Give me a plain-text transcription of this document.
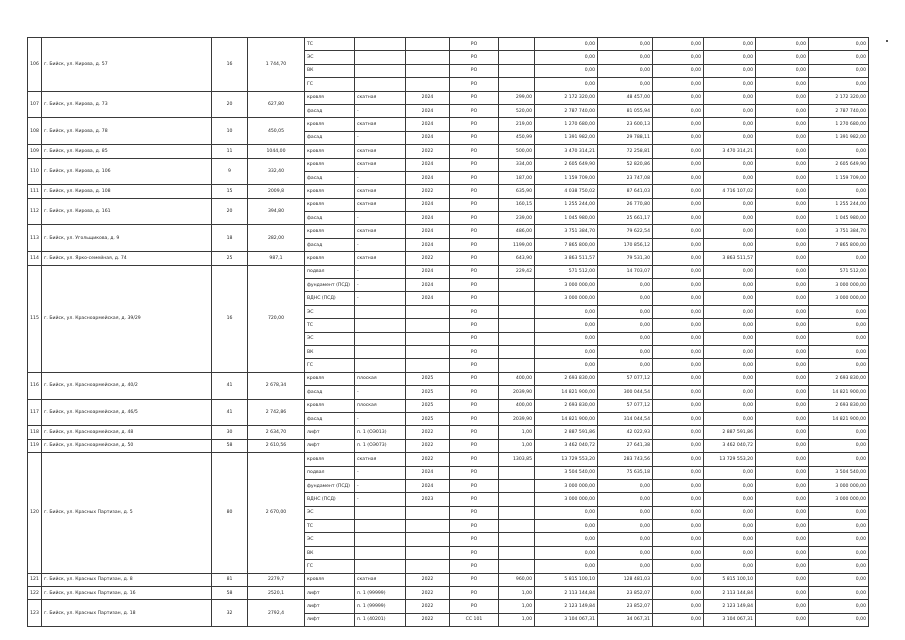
106	г. Бийск, ул. Кирова, д. 57	16	1 744,70	ТС			РО		0,00	0,00	0,00	0,00	0,00	0,00
				ЭС			РО		0,00	0,00	0,00	0,00	0,00	0,00
				ВК			РО		0,00	0,00	0,00	0,00	0,00	0,00
				ГС			РО		0,00	0,00	0,00	0,00	0,00	0,00
107	г. Бийск, ул. Кирова, д. 73	20	627,80	кровля	скатная	2024	РО	299,00	2 172 320,00	48 457,00	0,00	0,00	0,00	2 172 320,00
				фасад	-	2024	РО	520,00	2 787 740,00	81 055,94	0,00	0,00	0,00	2 787 740,00
108	г. Бийск, ул. Кирова, д. 78	10	450,05	кровля	скатная	2024	РО	219,00	1 270 680,00	23 600,13	0,00	0,00	0,00	1 270 680,00
				фасад	-	2024	РО	450,99	1 391 982,00	29 788,11	0,00	0,00	0,00	1 391 982,00
109	г. Бийск, ул. Кирова, д. 85	11	1044,00	кровля	скатная	2022	РО	500,00	3 470 314,21	72 258,81	0,00	3 470 314,21	0,00	0,00
110	г. Бийск, ул. Кирова, д. 106	9	332,40	кровля	скатная	2024	РО	334,00	2 605 649,90	52 820,86	0,00	0,00	0,00	2 605 649,90
				фасад	-	2024	РО	187,00	1 159 709,00	23 747,08	0,00	0,00	0,00	1 159 709,00
111	г. Бийск, ул. Кирова, д. 108	15	2009,8	кровля	скатная	2022	РО	635,90	4 038 750,02	87 641,03	0,00	4 716 107,02	0,00	0,00
112	г. Бийск, ул. Кирова, д. 161	20	394,80	кровля	скатная	2024	РО	160,15	1 255 244,00	26 770,80	0,00	0,00	0,00	1 255 244,00
				фасад	-	2024	РО	239,00	1 045 980,00	25 661,17	0,00	0,00	0,00	1 045 980,00
113	г. Бийск, ул. Угольщикова, д. 9	18	282,00	кровля	скатная	2024	РО	486,00	3 751 384,70	79 622,54	0,00	0,00	0,00	3 751 384,70
				фасад	-	2024	РО	1199,00	7 865 800,00	170 856,12	0,00	0,00	0,00	7 865 800,00
114	г. Бийск, ул. Ярко-семейная, д. 74	25	987,1	кровля	скатная	2022	РО	643,90	3 863 511,57	79 531,30	0,00	3 863 511,57	0,00	0,00
115	г. Бийск, ул. Красноармейская, д. 39/29	16	720,00	подвал	-	2024	РО	229,42	571 512,00	14 703,07	0,00	0,00	0,00	571 512,00
				фундамент (ПСД)	-	2024	РО		3 000 000,00	0,00	0,00	0,00	0,00	3 000 000,00
				ВДНС (ПСД)	-	2024	РО		3 000 000,00	0,00	0,00	0,00	0,00	3 000 000,00
				ЭС			РО		0,00	0,00	0,00	0,00	0,00	0,00
				ТС			РО		0,00	0,00	0,00	0,00	0,00	0,00
				ЭС			РО		0,00	0,00	0,00	0,00	0,00	0,00
				ВК			РО		0,00	0,00	0,00	0,00	0,00	0,00
				ГС			РО		0,00	0,00	0,00	0,00	0,00	0,00
116	г. Бийск, ул. Красноармейская, д. 40/2	41	2 678,34	кровля	плоская	2025	РО	400,00	2 693 830,00	57 077,12	0,00	0,00	0,00	2 693 830,00
				фасад	-	2025	РО	2039,90	14 821 900,00	300 044,54	0,00	0,00	0,00	14 821 900,00
117	г. Бийск, ул. Красноармейская, д. 46/5	41	2 742,86	кровля	плоская	2025	РО	400,00	2 693 830,00	57 077,12	0,00	0,00	0,00	2 693 830,00
				фасад	-	2025	РО	2039,90	14 821 900,00	314 044,54	0,00	0,00	0,00	14 821 900,00
118	г. Бийск, ул. Красноармейская, д. 48	30	2 634,70	лифт	п. 1 (ОЭ013)	2022	РО	1,00	2 887 591,86	42 022,93	0,00	2 887 591,86	0,00	0,00
119	г. Бийск, ул. Красноармейская, д. 50	58	2 610,56	лифт	п. 1 (ОЭ073)	2022	РО	1,00	3 462 040,72	27 641,38	0,00	3 462 040,72	0,00	0,00
120	г. Бийск, ул. Красных Партизан, д. 5	80	2 670,00	кровля	скатная	2022	РО	1303,85	13 729 553,20	283 743,56	0,00	13 729 553,20	0,00	0,00
				подвал	-	2024	РО		3 504 540,00	75 635,18	0,00	0,00	0,00	3 504 540,00
				фундамент (ПСД)	-	2024	РО		3 000 000,00	0,00	0,00	0,00	0,00	3 000 000,00
				ВДНС (ПСД)	-	2023	РО		3 000 000,00	0,00	0,00	0,00	0,00	3 000 000,00
				ЭС			РО		0,00	0,00	0,00	0,00	0,00	0,00
				ТС			РО		0,00	0,00	0,00	0,00	0,00	0,00
				ЭС			РО		0,00	0,00	0,00	0,00	0,00	0,00
				ВК			РО		0,00	0,00	0,00	0,00	0,00	0,00
				ГС			РО		0,00	0,00	0,00	0,00	0,00	0,00
121	г. Бийск, ул. Красных Партизан, д. 8	81	2279,7	кровля	скатная	2022	РО	960,00	5 815 100,10	128 481,03	0,00	5 815 100,10	0,00	0,00
122	г. Бийск, ул. Красных Партизан, д. 16	58	2520,1	лифт	п. 1 (99999)	2022	РО	1,00	2 113 144,84	23 852,07	0,00	2 113 144,84	0,00	0,00
123	г. Бийск, ул. Красных Партизан, д. 18	32	2792,4	лифт	п. 1 (99999)	2022	РО	1,00	2 123 149,84	23 852,07	0,00	2 123 149,84	0,00	0,00
				лифт	п. 1 (40201)	2022	СС 101	1,00	3 104 067,31	34 067,31	0,00	3 104 067,31	0,00	0,00
